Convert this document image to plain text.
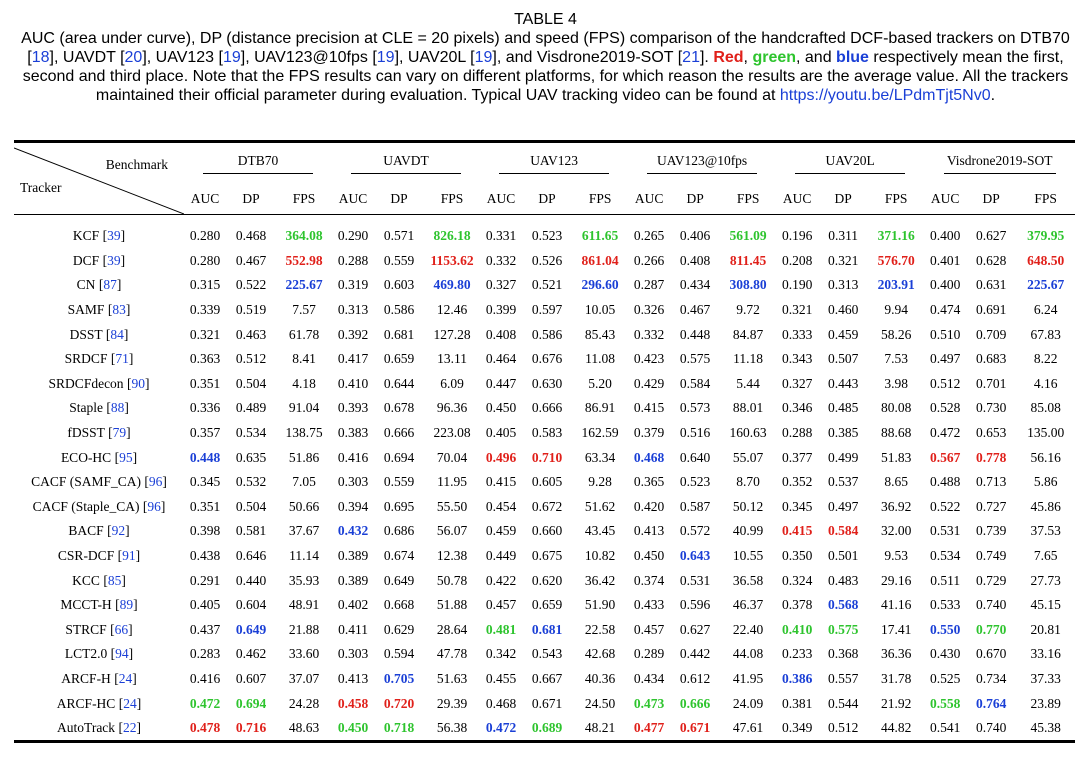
TABLE 4
AUC (area under curve), DP (distance precision at CLE = 20 pixels) and speed (FPS) comparison of the handcrafted DCF-based trackers on DTB70 [18], UAVDT [20], UAV123 [19], UAV123@10fps [19], UAV20L [19], and Visdrone2019-SOT [21]. Red, green, and blue respectively mean the first, second and third place. Note that the FPS results can vary on different platforms, for which reason the results are the average value. All the trackers maintained their official parameter during evaluation. Typical UAV tracking video can be found at https://youtu.be/LPdmTjt5Nv0.
Benchmark
Tracker	DTB70			UAVDT			UAV123			UAV123@10fps			UAV20L			Visdrone2019-SOT		
	AUC	DP	FPS	AUC	DP	FPS	AUC	DP	FPS	AUC	DP	FPS	AUC	DP	FPS	AUC	DP	FPS

KCF [39]	0.280	0.468	364.08	0.290	0.571	826.18	0.331	0.523	611.65	0.265	0.406	561.09	0.196	0.311	371.16	0.400	0.627	379.95
DCF [39]	0.280	0.467	552.98	0.288	0.559	1153.62	0.332	0.526	861.04	0.266	0.408	811.45	0.208	0.321	576.70	0.401	0.628	648.50
CN [87]	0.315	0.522	225.67	0.319	0.603	469.80	0.327	0.521	296.60	0.287	0.434	308.80	0.190	0.313	203.91	0.400	0.631	225.67
SAMF [83]	0.339	0.519	7.57	0.313	0.586	12.46	0.399	0.597	10.05	0.326	0.467	9.72	0.321	0.460	9.94	0.474	0.691	6.24
DSST [84]	0.321	0.463	61.78	0.392	0.681	127.28	0.408	0.586	85.43	0.332	0.448	84.87	0.333	0.459	58.26	0.510	0.709	67.83
SRDCF [71]	0.363	0.512	8.41	0.417	0.659	13.11	0.464	0.676	11.08	0.423	0.575	11.18	0.343	0.507	7.53	0.497	0.683	8.22
SRDCFdecon [90]	0.351	0.504	4.18	0.410	0.644	6.09	0.447	0.630	5.20	0.429	0.584	5.44	0.327	0.443	3.98	0.512	0.701	4.16
Staple [88]	0.336	0.489	91.04	0.393	0.678	96.36	0.450	0.666	86.91	0.415	0.573	88.01	0.346	0.485	80.08	0.528	0.730	85.08
fDSST [79]	0.357	0.534	138.75	0.383	0.666	223.08	0.405	0.583	162.59	0.379	0.516	160.63	0.288	0.385	88.68	0.472	0.653	135.00
ECO-HC [95]	0.448	0.635	51.86	0.416	0.694	70.04	0.496	0.710	63.34	0.468	0.640	55.07	0.377	0.499	51.83	0.567	0.778	56.16
CACF (SAMF_CA) [96]	0.345	0.532	7.05	0.303	0.559	11.95	0.415	0.605	9.28	0.365	0.523	8.70	0.352	0.537	8.65	0.488	0.713	5.86
CACF (Staple_CA) [96]	0.351	0.504	50.66	0.394	0.695	55.50	0.454	0.672	51.62	0.420	0.587	50.12	0.345	0.497	36.92	0.522	0.727	45.86
BACF [92]	0.398	0.581	37.67	0.432	0.686	56.07	0.459	0.660	43.45	0.413	0.572	40.99	0.415	0.584	32.00	0.531	0.739	37.53
CSR-DCF [91]	0.438	0.646	11.14	0.389	0.674	12.38	0.449	0.675	10.82	0.450	0.643	10.55	0.350	0.501	9.53	0.534	0.749	7.65
KCC [85]	0.291	0.440	35.93	0.389	0.649	50.78	0.422	0.620	36.42	0.374	0.531	36.58	0.324	0.483	29.16	0.511	0.729	27.73
MCCT-H [89]	0.405	0.604	48.91	0.402	0.668	51.88	0.457	0.659	51.90	0.433	0.596	46.37	0.378	0.568	41.16	0.533	0.740	45.15
STRCF [66]	0.437	0.649	21.88	0.411	0.629	28.64	0.481	0.681	22.58	0.457	0.627	22.40	0.410	0.575	17.41	0.550	0.770	20.81
LCT2.0 [94]	0.283	0.462	33.60	0.303	0.594	47.78	0.342	0.543	42.68	0.289	0.442	44.08	0.233	0.368	36.36	0.430	0.670	33.16
ARCF-H [24]	0.416	0.607	37.07	0.413	0.705	51.63	0.455	0.667	40.36	0.434	0.612	41.95	0.386	0.557	31.78	0.525	0.734	37.33
ARCF-HC [24]	0.472	0.694	24.28	0.458	0.720	29.39	0.468	0.671	24.50	0.473	0.666	24.09	0.381	0.544	21.92	0.558	0.764	23.89
AutoTrack [22]	0.478	0.716	48.63	0.450	0.718	56.38	0.472	0.689	48.21	0.477	0.671	47.61	0.349	0.512	44.82	0.541	0.740	45.38
